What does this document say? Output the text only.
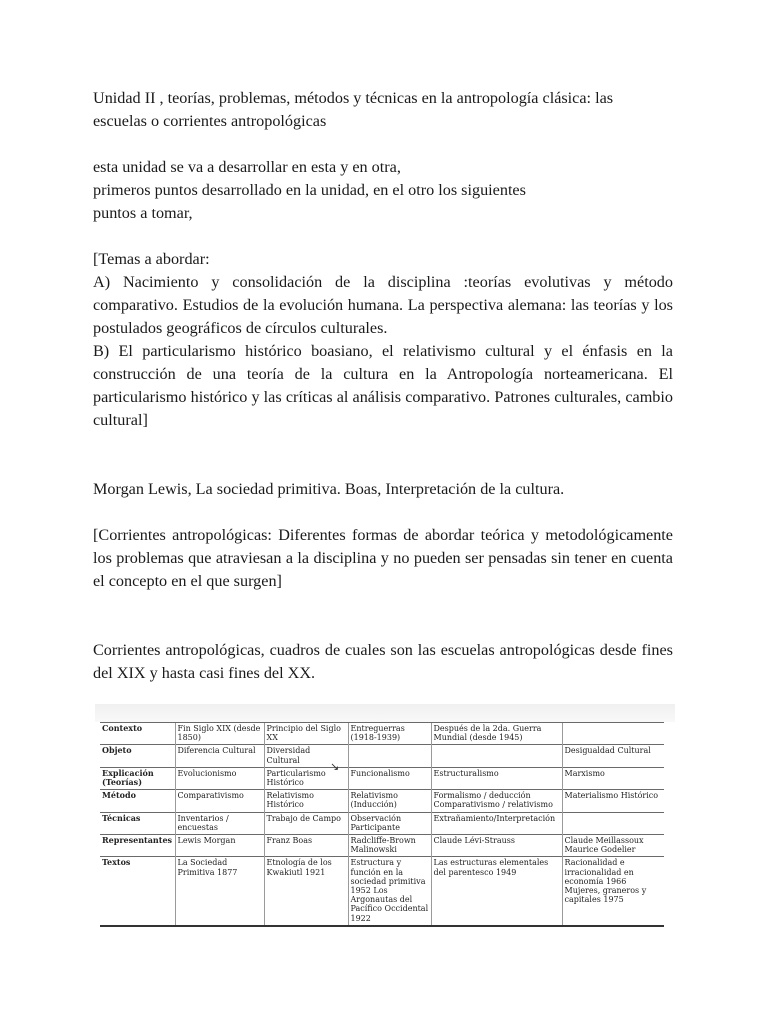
Unidad II , teorías, problemas, métodos y técnicas en la antropología clásica: las
escuelas o corrientes antropológicas

esta unidad se va a desarrollar en esta y en otra,
primeros puntos desarrollado en la unidad, en el otro los siguientes
puntos a tomar,

[Temas a abordar:

A) Nacimiento y consolidación de la disciplina :teorías evolutivas y método comparativo. Estudios de la evolución humana. La perspectiva alemana: las teorías y los postulados geográficos de círculos culturales.

B) El particularismo histórico boasiano, el relativismo cultural y el énfasis en la construcción de una teoría de la cultura en la Antropología norteamericana. El particularismo histórico y las críticas al análisis comparativo. Patrones culturales, cambio cultural]

Morgan Lewis, La sociedad primitiva. Boas, Interpretación de la cultura.

[Corrientes antropológicas: Diferentes formas de abordar teórica y metodológicamente los problemas que atraviesan a la disciplina y no pueden ser pensadas sin tener en cuenta el concepto en el que surgen]

Corrientes antropológicas, cuadros de cuales son las escuelas antropológicas desde fines del XIX y hasta casi fines del XX.

Contexto	Fin Siglo XIX (desde 1850)	Principio del Siglo XX	Entreguerras (1918-1939)	Después de la 2da. Guerra Mundial (desde 1945)	
Objeto	Diferencia Cultural	Diversidad Cultural			Desigualdad Cultural
Explicación (Teorías)	Evolucionismo	Particularismo Histórico	Funcionalismo	Estructuralismo	Marxismo
Método	Comparativismo	Relativismo Histórico	Relativismo (Inducción)	Formalismo / deducción Comparativismo / relativismo	Materialismo Histórico
Técnicas	Inventarios / encuestas	Trabajo de Campo	Observación Participante	Extrañamiento/Interpretación	
Representantes	Lewis Morgan	Franz Boas	Radcliffe-Brown Malinowski	Claude Lévi-Strauss	Claude Meillassoux Maurice Godelier
Textos	La Sociedad Primitiva 1877	Etnología de los Kwakiutl 1921	Estructura y función en la sociedad primitiva 1952 Los Argonautas del Pacífico Occidental 1922	Las estructuras elementales del parentesco 1949	Racionalidad e irracionalidad en economía 1966 Mujeres, graneros y capitales 1975
↘
